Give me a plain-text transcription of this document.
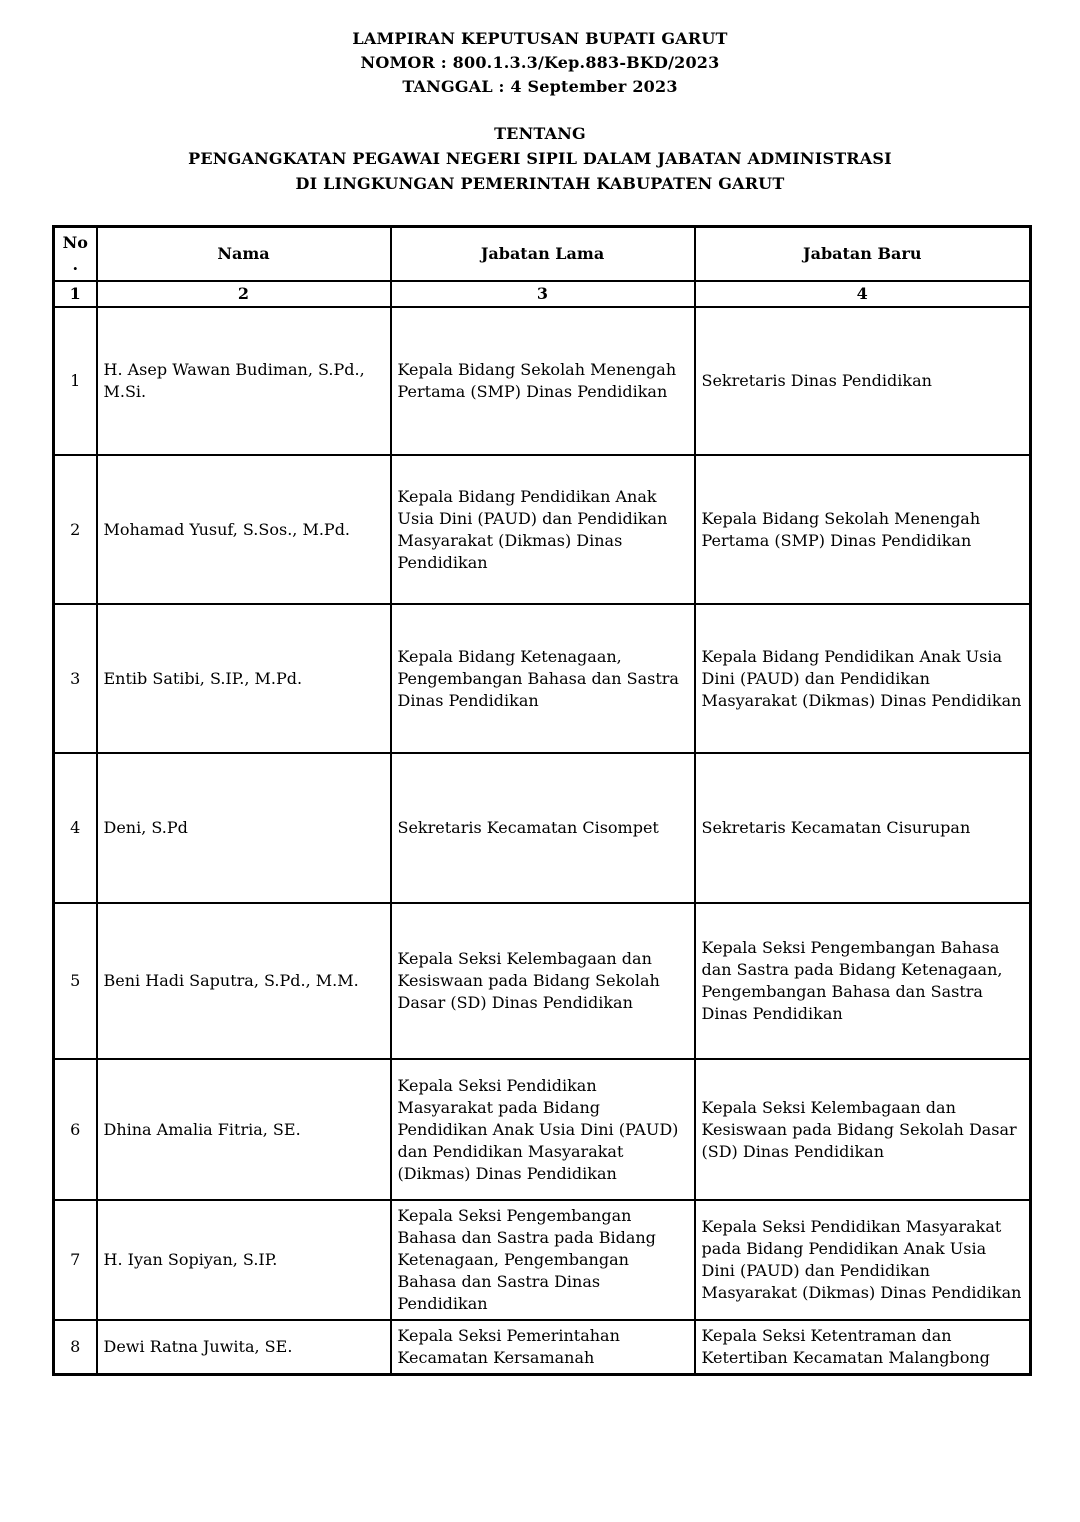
LAMPIRAN KEPUTUSAN BUPATI GARUT
NOMOR : 800.1.3.3/Kep.883-BKD/2023
TANGGAL : 4 September 2023
TENTANG
PENGANGKATAN PEGAWAI NEGERI SIPIL DALAM JABATAN ADMINISTRASI
DI LINGKUNGAN PEMERINTAH KABUPATEN GARUT
No.	Nama	Jabatan Lama	Jabatan Baru
1	2	3	4
1	H. Asep Wawan Budiman, S.Pd., M.Si.	Kepala Bidang Sekolah Menengah Pertama (SMP) Dinas Pendidikan	Sekretaris Dinas Pendidikan
2	Mohamad Yusuf, S.Sos., M.Pd.	Kepala Bidang Pendidikan Anak Usia Dini (PAUD) dan Pendidikan Masyarakat (Dikmas) Dinas Pendidikan	Kepala Bidang Sekolah Menengah Pertama (SMP) Dinas Pendidikan
3	Entib Satibi, S.IP., M.Pd.	Kepala Bidang Ketenagaan, Pengembangan Bahasa dan Sastra Dinas Pendidikan	Kepala Bidang Pendidikan Anak Usia Dini (PAUD) dan Pendidikan Masyarakat (Dikmas) Dinas Pendidikan
4	Deni, S.Pd	Sekretaris Kecamatan Cisompet	Sekretaris Kecamatan Cisurupan
5	Beni Hadi Saputra, S.Pd., M.M.	Kepala Seksi Kelembagaan dan Kesiswaan pada Bidang Sekolah Dasar (SD) Dinas Pendidikan	Kepala Seksi Pengembangan Bahasa dan Sastra pada Bidang Ketenagaan, Pengembangan Bahasa dan Sastra Dinas Pendidikan
6	Dhina Amalia Fitria, SE.	Kepala Seksi Pendidikan Masyarakat pada Bidang Pendidikan Anak Usia Dini (PAUD) dan Pendidikan Masyarakat (Dikmas) Dinas Pendidikan	Kepala Seksi Kelembagaan dan Kesiswaan pada Bidang Sekolah Dasar (SD) Dinas Pendidikan
7	H. Iyan Sopiyan, S.IP.	Kepala Seksi Pengembangan Bahasa dan Sastra pada Bidang Ketenagaan, Pengembangan Bahasa dan Sastra Dinas Pendidikan	Kepala Seksi Pendidikan Masyarakat pada Bidang Pendidikan Anak Usia Dini (PAUD) dan Pendidikan Masyarakat (Dikmas) Dinas Pendidikan
8	Dewi Ratna Juwita, SE.	Kepala Seksi Pemerintahan Kecamatan Kersamanah	Kepala Seksi Ketentraman dan Ketertiban Kecamatan Malangbong
